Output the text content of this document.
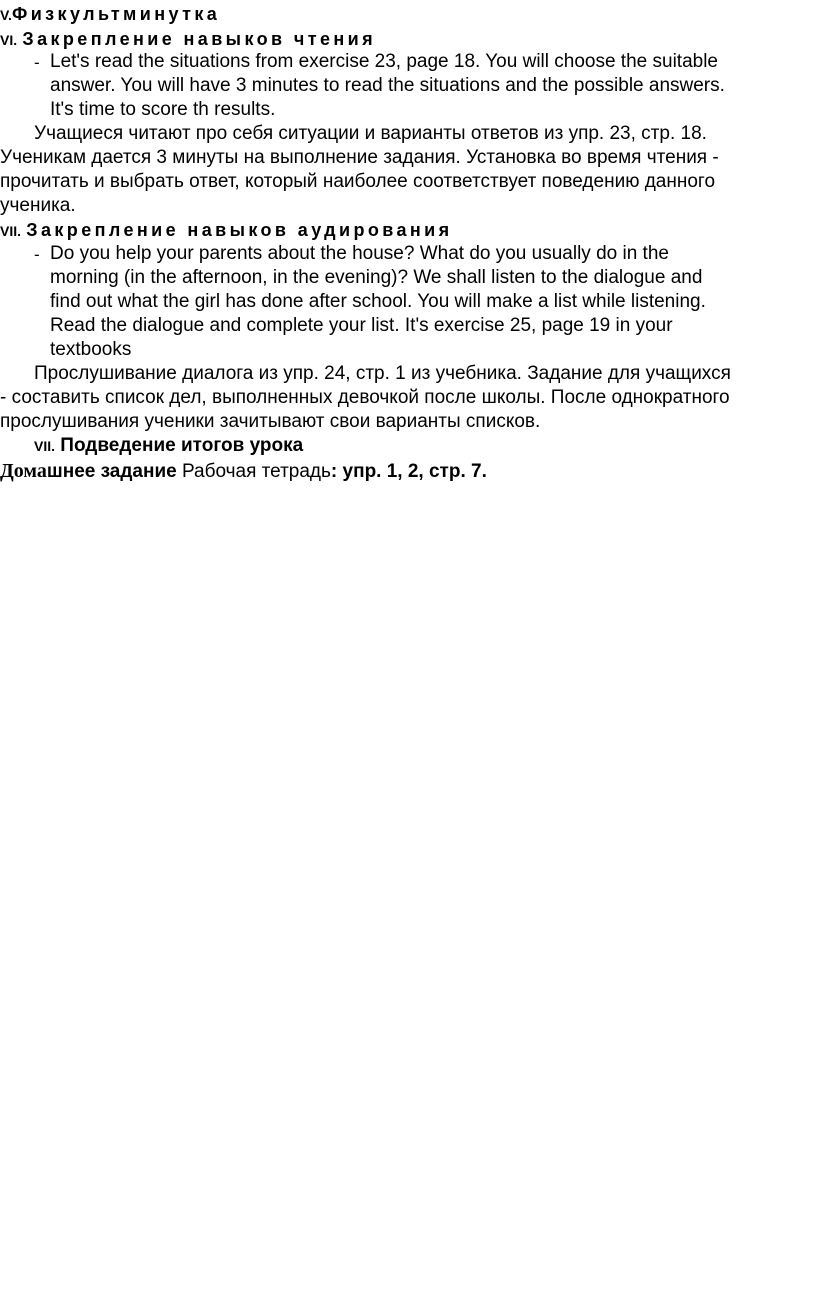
V.Физкультминутка
VI. Закрепление навыков чтения
- Let's read the situations from exercise 23, page 18. You will choose the suitable
answer. You will have 3 minutes to read the situations and the possible answers.
It's time to score th results.
Учащиеся читают про себя ситуации и варианты ответов из упр. 23, стр. 18.
Ученикам дается 3 минуты на выполнение задания. Установка во время чтения -
прочитать и выбрать ответ, который наиболее соответствует поведению данного
ученика.
VII. Закрепление навыков аудирования
- Do you help your parents about the house? What do you usually do in the
morning (in the afternoon, in the evening)? We shall listen to the dialogue and
find out what the girl has done after school. You will make a list while listening.
Read the dialogue and complete your list. It's exercise 25, page 19 in your
textbooks
Прослушивание диалога из упр. 24, стр. 1 из учебника. Задание для учащихся
- составить список дел, выполненных девочкой после школы. После однократного
прослушивания ученики зачитывают свои варианты списков.
VII. Подведение итогов урока
Домашнее задание Рабочая тетрадь: упр. 1, 2, стр. 7.
